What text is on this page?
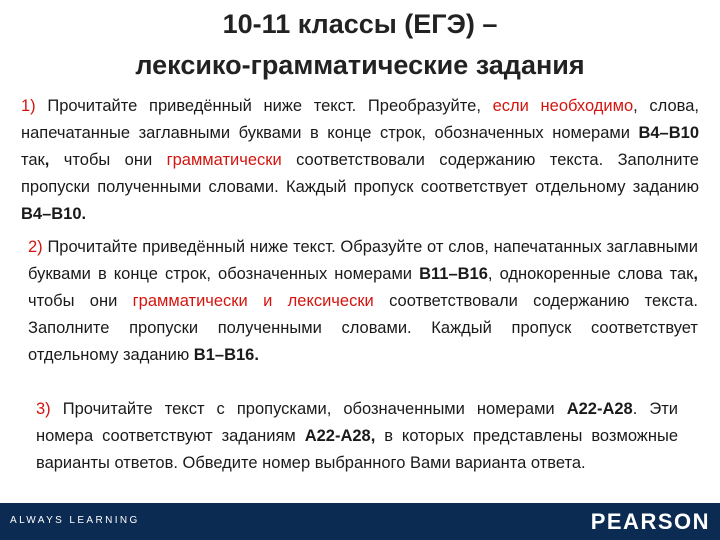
10-11 классы (ЕГЭ) –
лексико-грамматические задания
1) Прочитайте приведённый ниже текст. Преобразуйте, если необходимо, слова, напечатанные заглавными буквами в конце строк, обозначенных номерами В4–В10 так, чтобы они грамматически соответствовали содержанию текста. Заполните пропуски полученными словами. Каждый пропуск соответствует отдельному заданию В4–В10.
2) Прочитайте приведённый ниже текст. Образуйте от слов, напечатанных заглавными буквами в конце строк, обозначенных номерами В11–В16, однокоренные слова так, чтобы они грамматически и лексически соответствовали содержанию текста. Заполните пропуски полученными словами. Каждый пропуск соответствует отдельному заданию В1–В16.
3) Прочитайте текст с пропусками, обозначенными номерами А22-А28. Эти номера соответствуют заданиям А22-А28, в которых представлены возможные варианты ответов. Обведите номер выбранного Вами варианта ответа.
ALWAYS LEARNING	PEARSON
